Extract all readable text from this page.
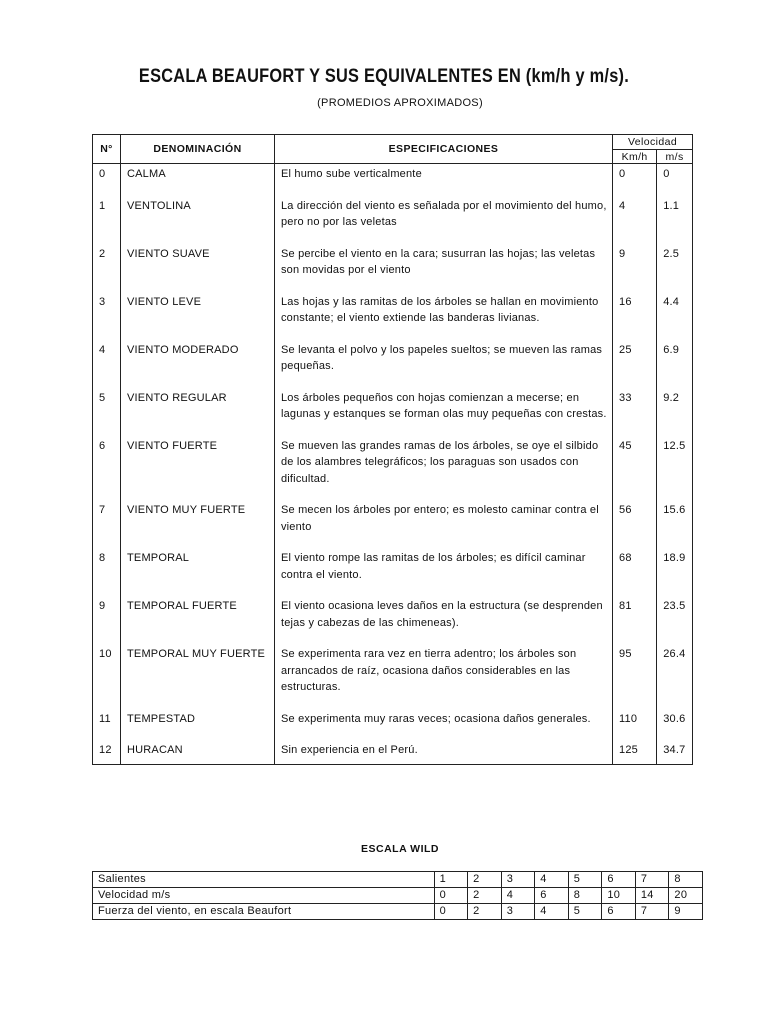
ESCALA BEAUFORT Y SUS EQUIVALENTES EN (km/h y m/s).
(PROMEDIOS APROXIMADOS)
N°	DENOMINACIÓN	ESPECIFICACIONES	Velocidad	
			Km/h	m/s
0	CALMA	El humo sube verticalmente	0	0
1	VENTOLINA	La dirección del viento es señalada por el movimiento del humo, pero no por las veletas	4	1.1
2	VIENTO SUAVE	Se percibe el viento en la cara; susurran las hojas; las veletas son movidas por el viento	9	2.5
3	VIENTO LEVE	Las hojas y las ramitas de los árboles se hallan en movimiento constante; el viento extiende las banderas livianas.	16	4.4
4	VIENTO MODERADO	Se levanta el polvo y los papeles sueltos; se mueven las ramas pequeñas.	25	6.9
5	VIENTO REGULAR	Los árboles pequeños con hojas comienzan a mecerse; en lagunas y estanques se forman olas muy pequeñas con crestas.	33	9.2
6	VIENTO FUERTE	Se mueven las grandes ramas de los árboles, se oye el silbido de los alambres telegráficos; los paraguas son usados con dificultad.	45	12.5
7	VIENTO MUY FUERTE	Se mecen los árboles por entero; es molesto caminar contra el viento	56	15.6
8	TEMPORAL	El viento rompe las ramitas de los árboles; es difícil caminar contra el viento.	68	18.9
9	TEMPORAL FUERTE	El viento ocasiona leves daños en la estructura (se desprenden tejas y cabezas de las chimeneas).	81	23.5
10	TEMPORAL MUY FUERTE	Se experimenta rara vez en tierra adentro; los árboles son arrancados de raíz, ocasiona daños considerables en las estructuras.	95	26.4
11	TEMPESTAD	Se experimenta muy raras veces; ocasiona daños generales.	110	30.6
12	HURACAN	Sin experiencia en el Perú.	125	34.7
ESCALA WILD
Salientes	1	2	3	4	5	6	7	8
Velocidad m/s	0	2	4	6	8	10	14	20
Fuerza del viento, en escala Beaufort	0	2	3	4	5	6	7	9
